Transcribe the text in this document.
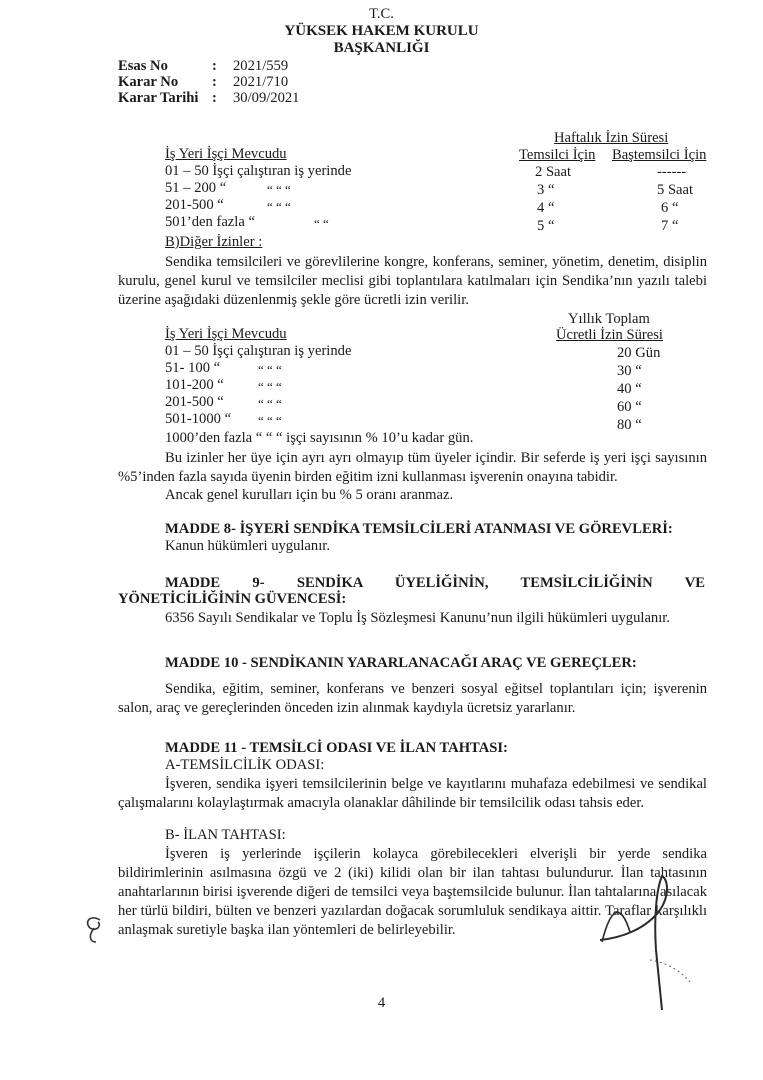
T.C.
YÜKSEK HAKEM KURULU
BAŞKANLIĞI
Esas No	: 2021/559
Karar No : 2021/710
Karar Tarihi : 30/09/2021
Haftalık İzin Süresi
İş Yeri İşçi Mevcudu	Temsilci İçin Baştemsilci İçin
01 – 50 İşçi çalıştıran iş yerinde	2 Saat	------
51 – 200 “	“ “ “	3 “	5 Saat
201-500 “	“ “ “	4 “	6 “
501’den fazla “	“ “	5 “	7 “
B)Diğer İzinler :
Sendika temsilcileri ve görevlilerine kongre, konferans, seminer, yönetim, denetim, disiplin kurulu, genel kurul ve temsilciler meclisi gibi toplantılara katılmaları için Sendika’nın yazılı talebi üzerine aşağıdaki düzenlenmiş şekle göre ücretli izin verilir.
Yıllık Toplam
İş Yeri İşçi Mevcudu	Ücretli İzin Süresi
01 – 50 İşçi çalıştıran iş yerinde	20 Gün
51- 100 “	“ “ “	30 “
101-200 “	“ “ “	40 “
201-500 “	“ “ “	60 “
501-1000 “ “ “ “	80 “
1000’den fazla “ “ “ işçi sayısının % 10’u kadar gün.
Bu izinler her üye için ayrı ayrı olmayıp tüm üyeler içindir. Bir seferde iş yeri işçi sayısının %5’inden fazla sayıda üyenin birden eğitim izni kullanması işverenin onayına tabidir.
Ancak genel kurulları için bu % 5 oranı aranmaz.
MADDE 8- İŞYERİ SENDİKA TEMSİLCİLERİ ATANMASI VE GÖREVLERİ:
Kanun hükümleri uygulanır.
MADDE 9- SENDİKA ÜYELİĞİNİN, TEMSİLCİLİĞİNİN VE
YÖNETİCİLİĞİNİN GÜVENCESİ:
6356 Sayılı Sendikalar ve Toplu İş Sözleşmesi Kanunu’nun ilgili hükümleri uygulanır.
MADDE 10 - SENDİKANIN YARARLANACAĞI ARAÇ VE GEREÇLER:
Sendika, eğitim, seminer, konferans ve benzeri sosyal eğitsel toplantıları için; işverenin salon, araç ve gereçlerinden önceden izin alınmak kaydıyla ücretsiz yararlanır.
MADDE 11 - TEMSİLCİ ODASI VE İLAN TAHTASI:
A-TEMSİLCİLİK ODASI:
İşveren, sendika işyeri temsilcilerinin belge ve kayıtlarını muhafaza edebilmesi ve sendikal çalışmalarını kolaylaştırmak amacıyla olanaklar dâhilinde bir temsilcilik odası tahsis eder.
B- İLAN TAHTASI:
İşveren iş yerlerinde işçilerin kolayca görebilecekleri elverişli bir yerde sendika bildirimlerinin asılmasına özgü ve 2 (iki) kilidi olan bir ilan tahtası bulundurur. İlan tahtasının anahtarlarının birisi işverende diğeri de temsilci veya baştemsilcide bulunur. İlan tahtalarına asılacak her türlü bildiri, bülten ve benzeri yazılardan doğacak sorumluluk sendikaya aittir. Taraflar karşılıklı anlaşmak suretiyle başka ilan yöntemleri de belirleyebilir.
4
